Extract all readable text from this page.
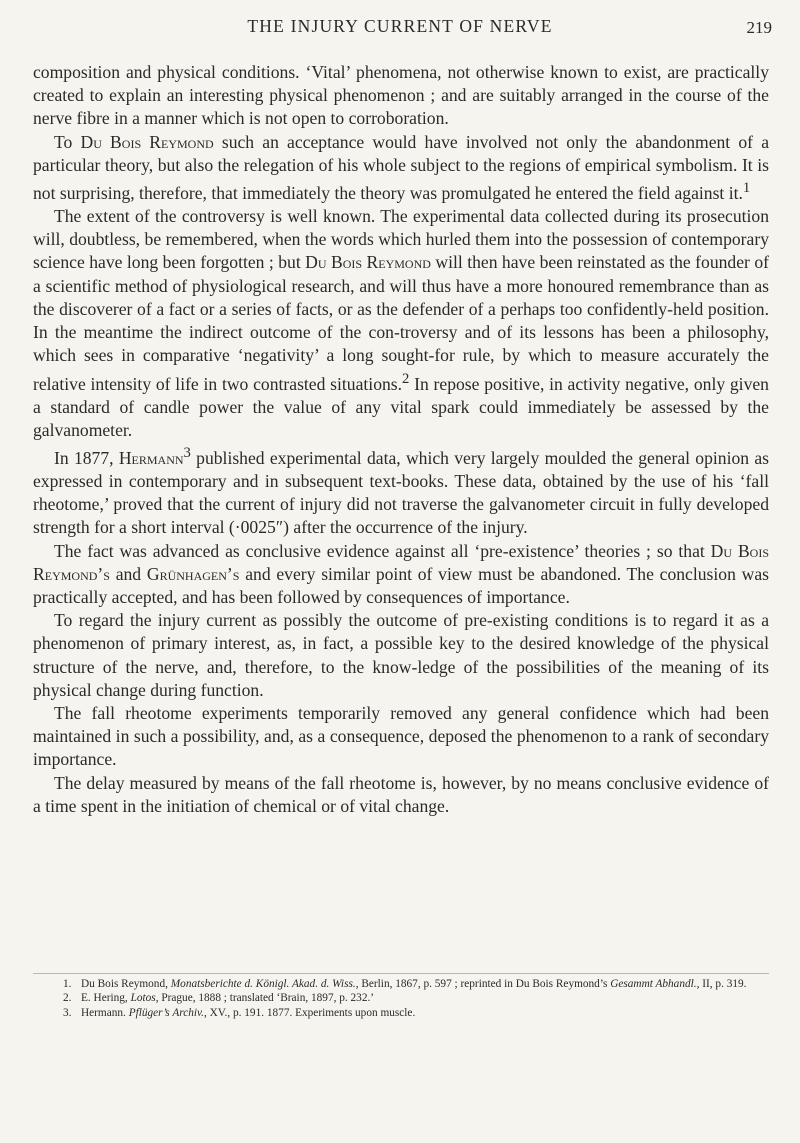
THE INJURY CURRENT OF NERVE	219

composition and physical conditions. ‘Vital’ phenomena, not otherwise known to exist, are practically created to explain an interesting physical phenomenon ; and are suitably arranged in the course of the nerve fibre in a manner which is not open to corroboration.

To Du Bois Reymond such an acceptance would have involved not only the abandonment of a particular theory, but also the relegation of his whole subject to the regions of empirical symbolism. It is not surprising, therefore, that immediately the theory was promulgated he entered the field against it.$^1$

The extent of the controversy is well known. The experimental data collected during its prosecution will, doubtless, be remembered, when the words which hurled them into the possession of contemporary science have long been forgotten ; but Du Bois Reymond will then have been reinstated as the founder of a scientific method of physiological research, and will thus have a more honoured remembrance than as the discoverer of a fact or a series of facts, or as the defender of a perhaps too confidently-held position. In the meantime the indirect outcome of the con-troversy and of its lessons has been a philosophy, which sees in comparative ‘negativity’ a long sought-for rule, by which to measure accurately the relative intensity of life in two contrasted situations.$^2$ In repose positive, in activity negative, only given a standard of candle power the value of any vital spark could immediately be assessed by the galvanometer.

In 1877, Hermann$^3$ published experimental data, which very largely moulded the general opinion as expressed in contemporary and in subsequent text-books. These data, obtained by the use of his ‘fall rheotome,’ proved that the current of injury did not traverse the galvanometer circuit in fully developed strength for a short interval (·0025″) after the occurrence of the injury.

The fact was advanced as conclusive evidence against all ‘pre-existence’ theories ; so that Du Bois Reymond’s and Grünhagen’s and every similar point of view must be abandoned. The conclusion was practically accepted, and has been followed by consequences of importance.

To regard the injury current as possibly the outcome of pre-existing conditions is to regard it as a phenomenon of primary interest, as, in fact, a possible key to the desired knowledge of the physical structure of the nerve, and, therefore, to the know-ledge of the possibilities of the meaning of its physical change during function.

The fall rheotome experiments temporarily removed any general confidence which had been maintained in such a possibility, and, as a consequence, deposed the phenomenon to a rank of secondary importance.

The delay measured by means of the fall rheotome is, however, by no means conclusive evidence of a time spent in the initiation of chemical or of vital change.

1. Du Bois Reymond, Monatsberichte d. Königl. Akad. d. Wiss., Berlin, 1867, p. 597 ; reprinted in Du Bois Reymond’s Gesammt Abhandl., II, p. 319.
2. E. Hering, Lotos, Prague, 1888 ; translated ‘Brain, 1897, p. 232.’
3. Hermann. Pflüger’s Archiv., XV., p. 191. 1877. Experiments upon muscle.
